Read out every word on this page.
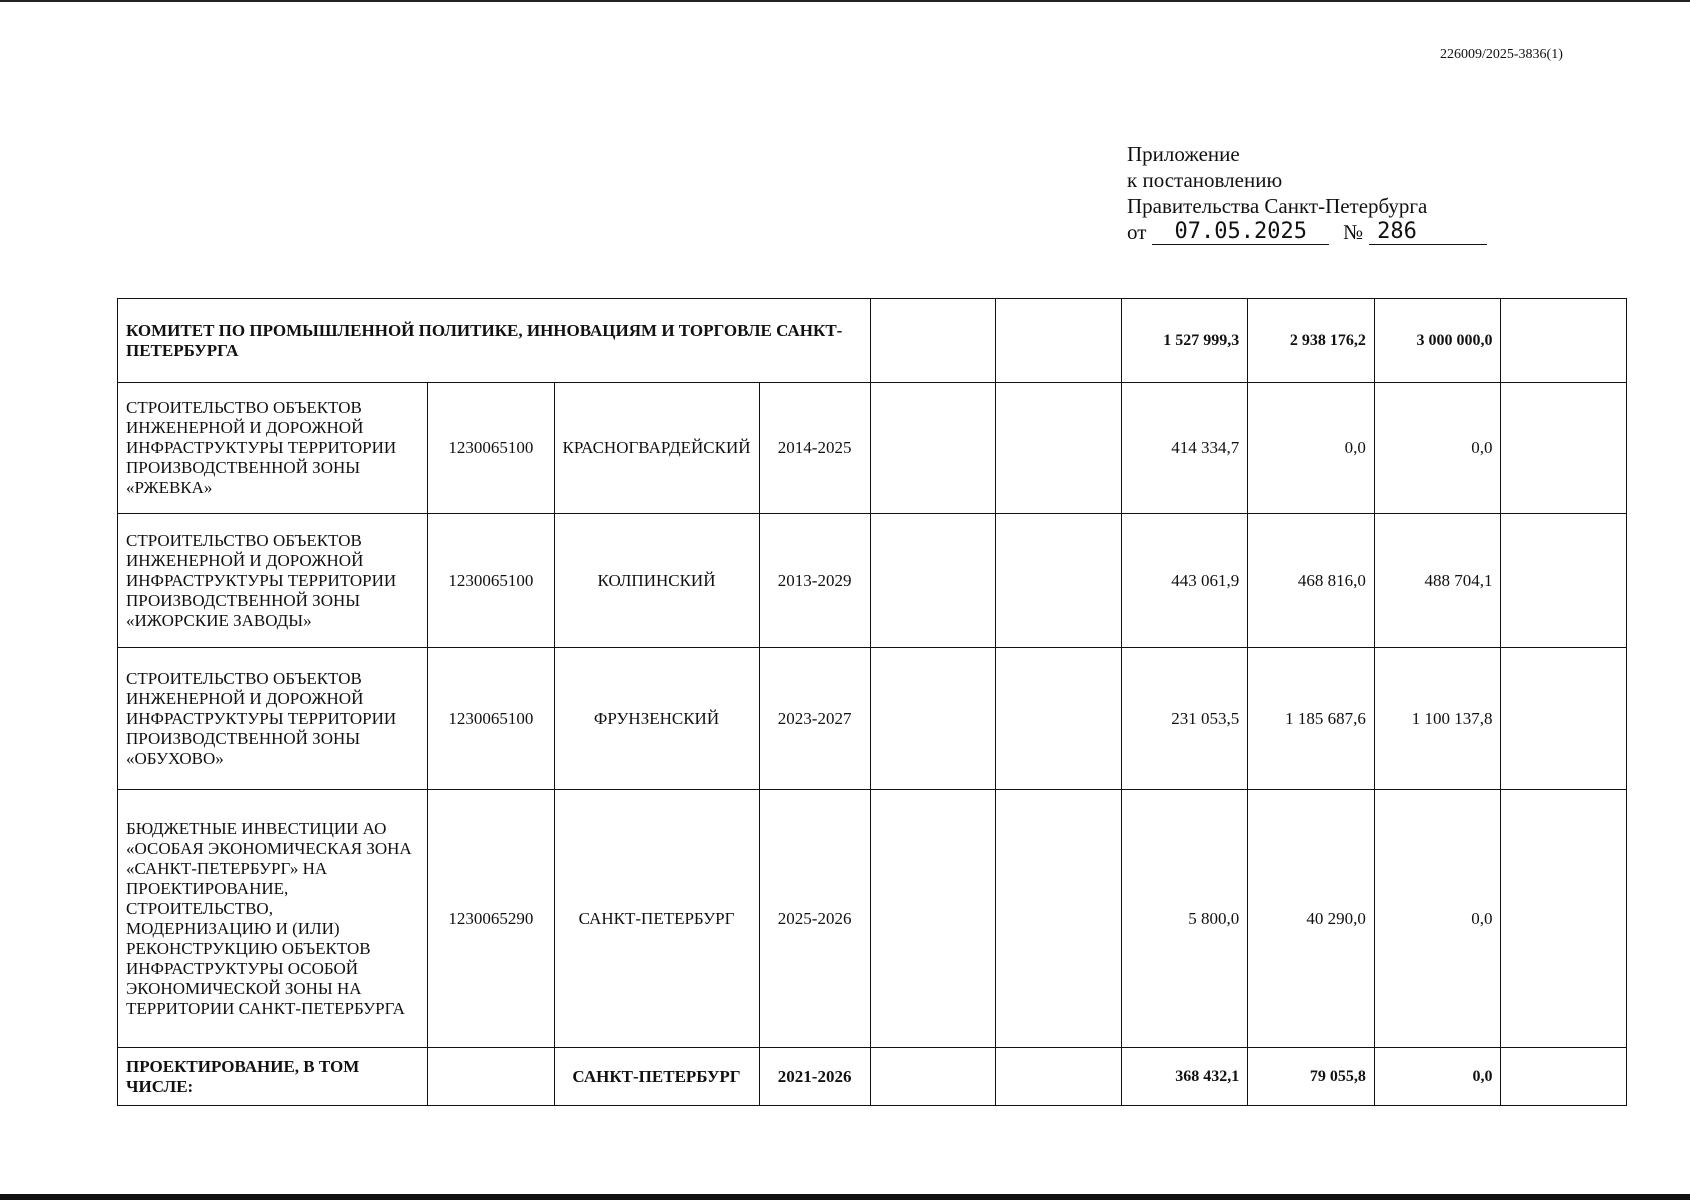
226009/2025-3836(1)
Приложение
к постановлению
Правительства Санкт-Петербурга
от	07.05.2025	№ 286
КОМИТЕТ ПО ПРОМЫШЛЕННОЙ ПОЛИТИКЕ, ИННОВАЦИЯМ И ТОРГОВЛЕ САНКТ-ПЕТЕРБУРГА						1 527 999,3	2 938 176,2	3 000 000,0	
СТРОИТЕЛЬСТВО ОБЪЕКТОВ ИНЖЕНЕРНОЙ И ДОРОЖНОЙ ИНФРАСТРУКТУРЫ ТЕРРИТОРИИ ПРОИЗВОДСТВЕННОЙ ЗОНЫ «РЖЕВКА»	1230065100	КРАСНОГВАРДЕЙСКИЙ	2014-2025			414 334,7	0,0	0,0	
СТРОИТЕЛЬСТВО ОБЪЕКТОВ ИНЖЕНЕРНОЙ И ДОРОЖНОЙ ИНФРАСТРУКТУРЫ ТЕРРИТОРИИ ПРОИЗВОДСТВЕННОЙ ЗОНЫ «ИЖОРСКИЕ ЗАВОДЫ»	1230065100	КОЛПИНСКИЙ	2013-2029			443 061,9	468 816,0	488 704,1	
СТРОИТЕЛЬСТВО ОБЪЕКТОВ ИНЖЕНЕРНОЙ И ДОРОЖНОЙ ИНФРАСТРУКТУРЫ ТЕРРИТОРИИ ПРОИЗВОДСТВЕННОЙ ЗОНЫ «ОБУХОВО»	1230065100	ФРУНЗЕНСКИЙ	2023-2027			231 053,5	1 185 687,6	1 100 137,8	
БЮДЖЕТНЫЕ ИНВЕСТИЦИИ АО «ОСОБАЯ ЭКОНОМИЧЕСКАЯ ЗОНА «САНКТ-ПЕТЕРБУРГ» НА ПРОЕКТИРОВАНИЕ, СТРОИТЕЛЬСТВО, МОДЕРНИЗАЦИЮ И (ИЛИ) РЕКОНСТРУКЦИЮ ОБЪЕКТОВ ИНФРАСТРУКТУРЫ ОСОБОЙ ЭКОНОМИЧЕСКОЙ ЗОНЫ НА ТЕРРИТОРИИ САНКТ-ПЕТЕРБУРГА	1230065290	САНКТ-ПЕТЕРБУРГ	2025-2026			5 800,0	40 290,0	0,0	
ПРОЕКТИРОВАНИЕ, В ТОМ ЧИСЛЕ:		САНКТ-ПЕТЕРБУРГ	2021-2026			368 432,1	79 055,8	0,0	
